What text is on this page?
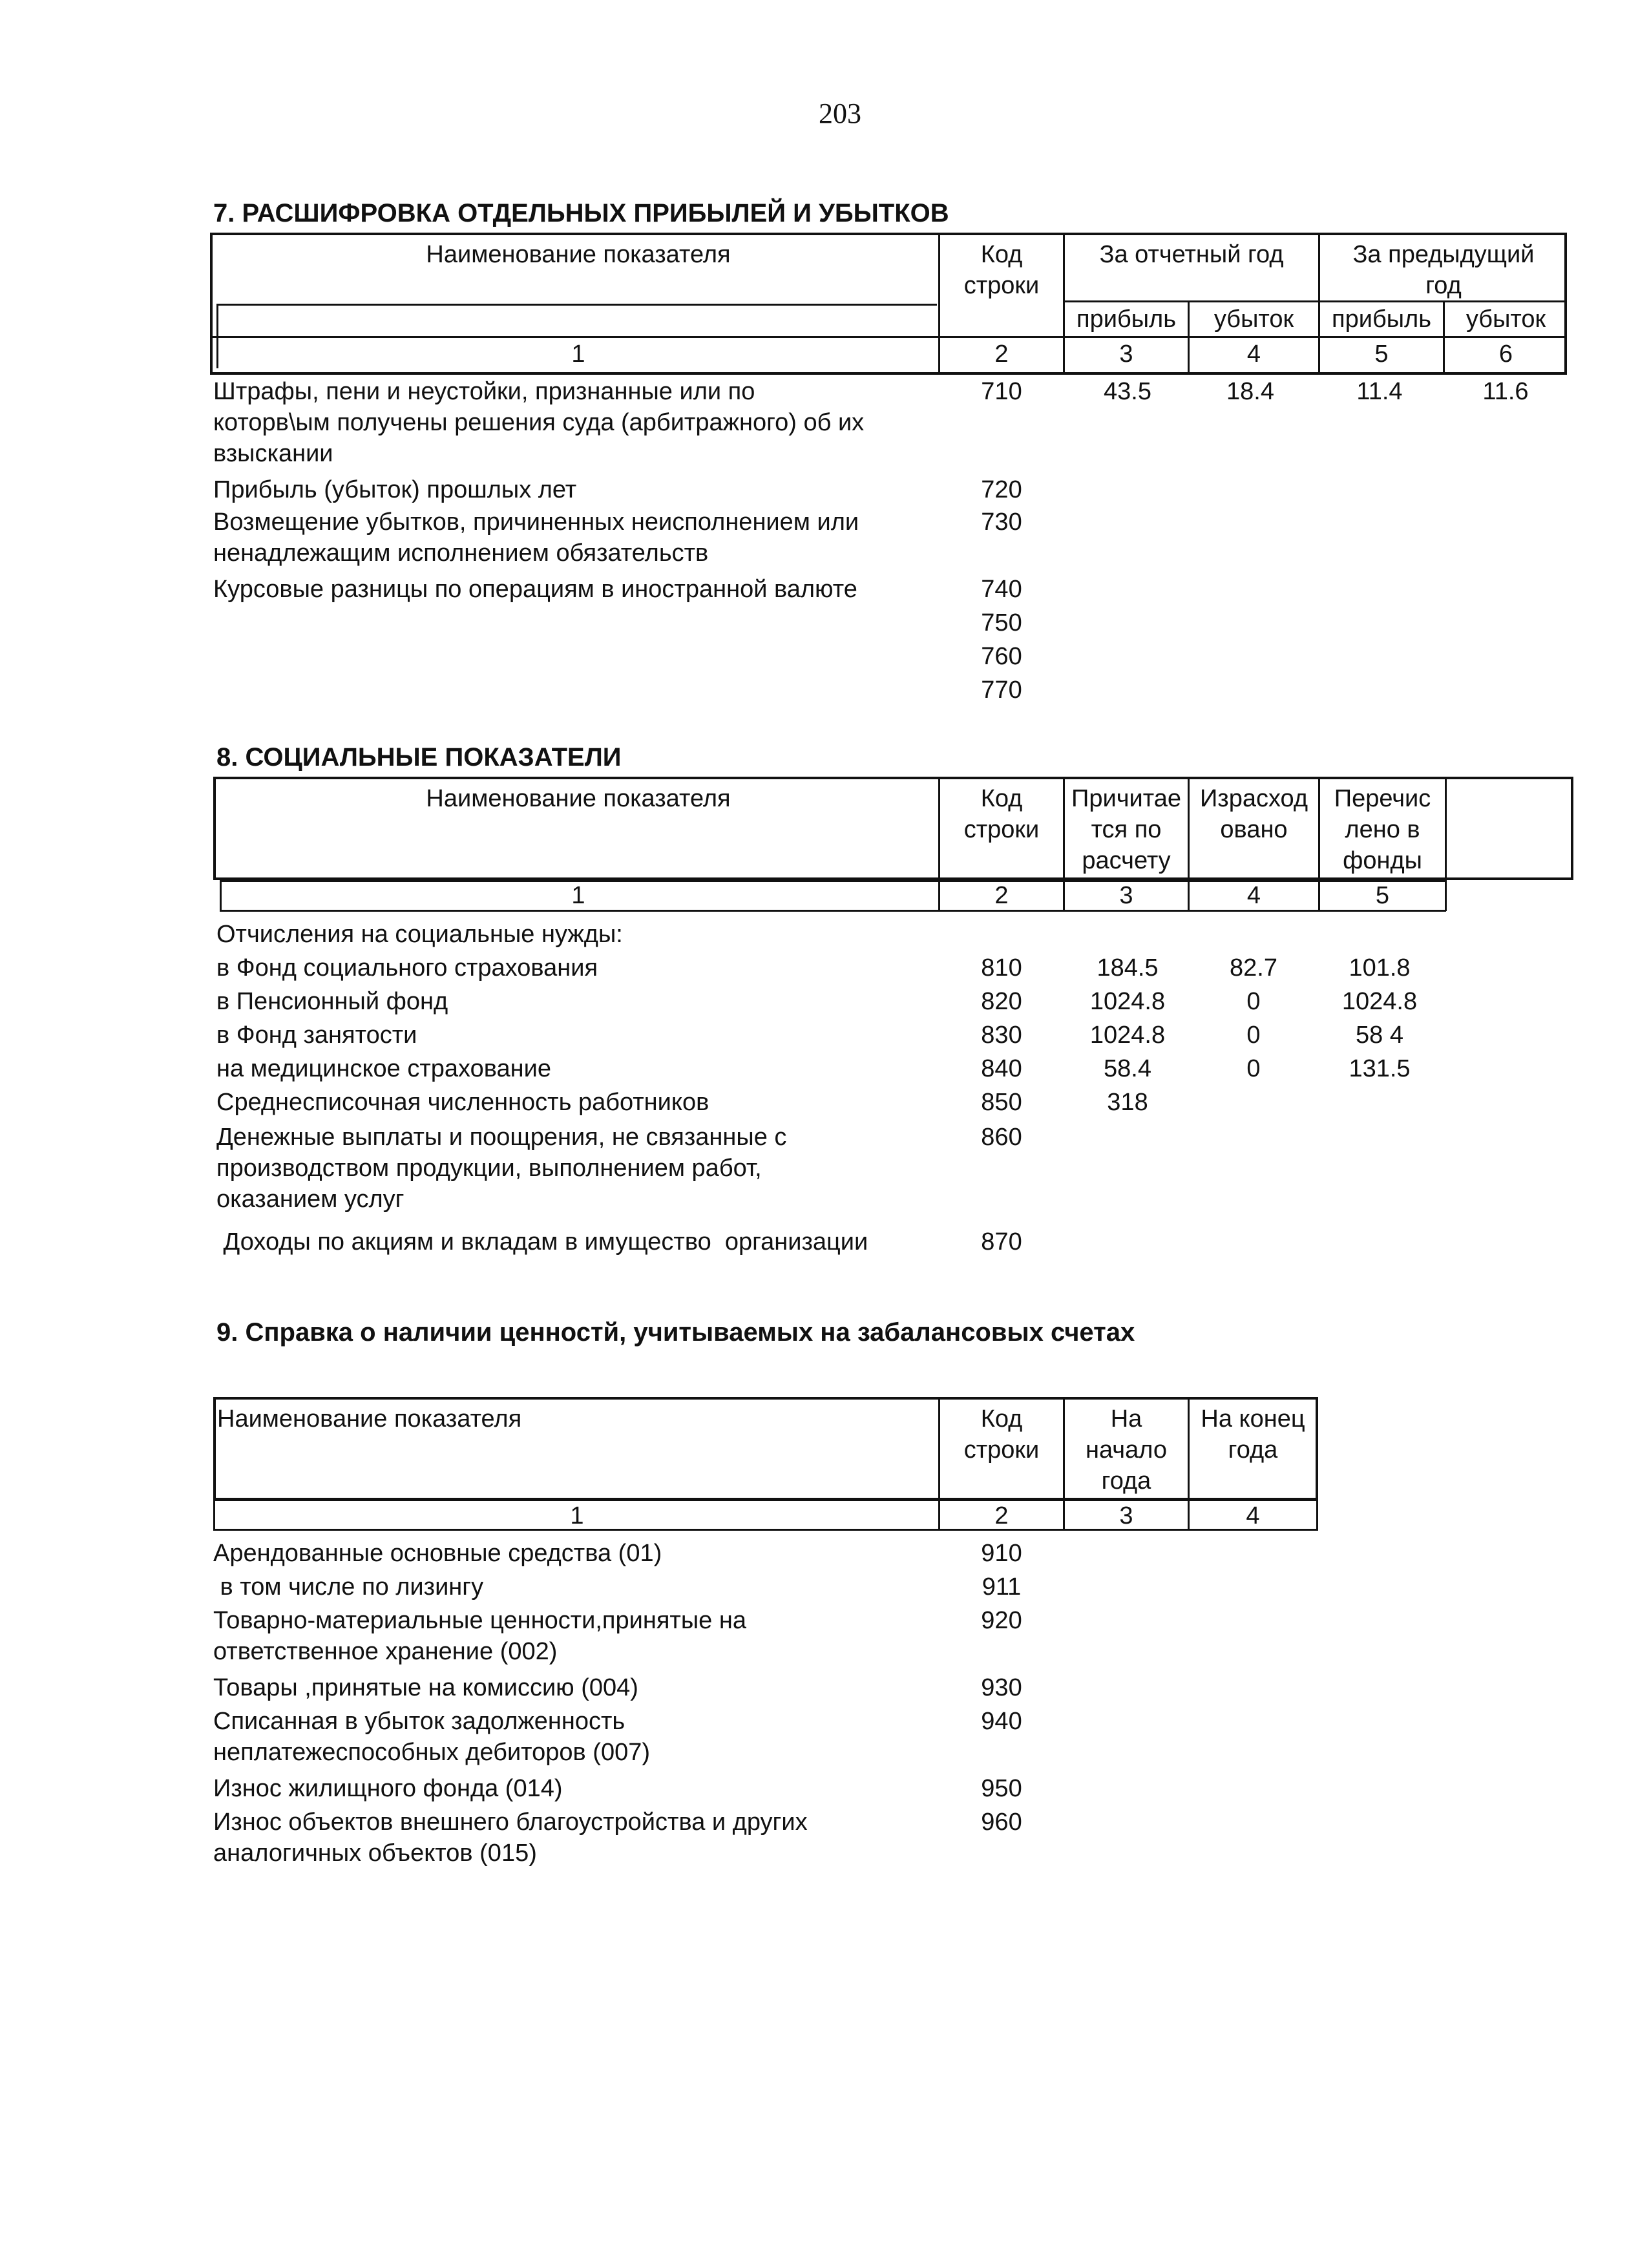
203
7. РАСШИФРОВКА ОТДЕЛЬНЫХ ПРИБЫЛЕЙ И УБЫТКОВ
Наименование показателя	Код
строки
За отчетный год	За предыдущий
год
прибыль	убыток	прибыль	убыток
1	2	3	4	5	6
Штрафы, пени и неустойки, признанные или по
которв\ым получены решения суда (арбитражного) об их
взыскании
710	43.5	18.4	11.4	11.6
Прибыль (убыток) прошлых лет	720
Возмещение убытков, причиненных неисполнением или
ненадлежащим исполнением обязательств
730
Курсовые разницы по операциям в иностранной валюте	740
750
760
770
8. СОЦИАЛЬНЫЕ ПОКАЗАТЕЛИ
Наименование показателя	Код
строки
Причитае
тся по
расчету
Израсход
овано
Перечис
лено в
фонды
1	2	3	4	5
Отчисления на социальные нужды:
в Фонд социального страхования	810	184.5	82.7	101.8
в Пенсионный фонд	820	1024.8	0	1024.8
в Фонд занятости	830	1024.8	0	58 4
на медицинское страхование	840	58.4	0	131.5
Среднесписочная численность работников	850	318
Денежные выплаты и поощрения, не связанные с
производством продукции, выполнением работ,
оказанием услуг
860
Доходы по акциям и вкладам в имущество  организации	870
9. Справка о наличии ценностй, учитываемых на забалансовых счетах
Наименование показателя	Код
строки
На
начало
года
На конец
года
1	2	3	4
Арендованные основные средства (01)	910
в том числе по лизингу	911
Товарно-материальные ценности,принятые на
ответственное хранение (002)
920
Товары ,принятые на комиссию (004)	930
Списанная в убыток задолженность
неплатежеспособных дебиторов (007)
940
Износ жилищного фонда (014)	950
Износ объектов внешнего благоустройства и других
аналогичных объектов (015)
960
